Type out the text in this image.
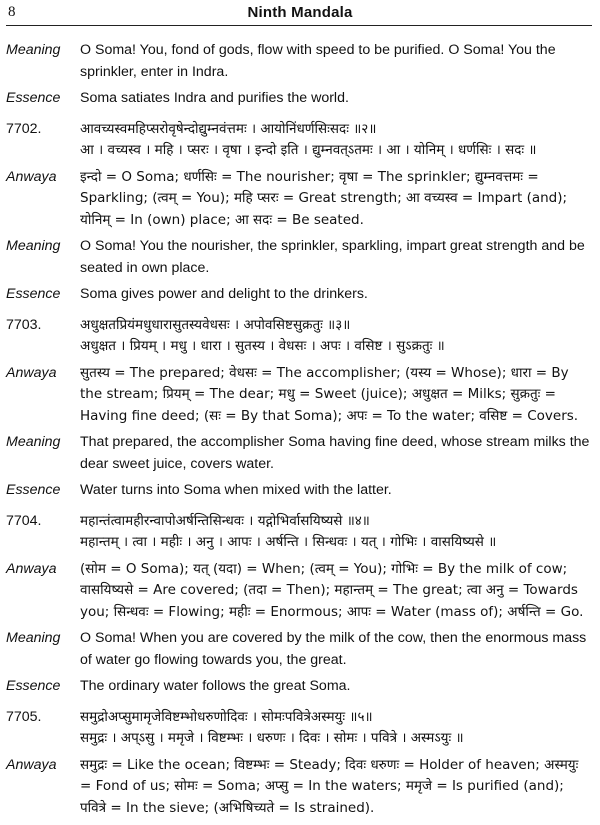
8	Ninth Mandala
Meaning	O Soma! You, fond of gods, flow with speed to be purified. O Soma! You the sprinkler, enter in Indra.
Essence	Soma satiates Indra and purifies the world.
7702.	आवच्यस्वमहिप्सरोवृषेन्दोद्युम्नवंत्तमः । आयोनिंधर्णसिःसदः ॥२॥
आ । वच्यस्व । महि । प्सरः । वृषा । इन्दो इति । द्युम्नवत्ऽतमः । आ । योनिम् । धर्णसिः । सदः ॥
Anwaya	इन्दो = O Soma; धर्णसिः = The nourisher; वृषा = The sprinkler; द्युम्नवत्तमः = Sparkling; (त्वम् = You); महि प्सरः = Great strength; आ वच्यस्व = Impart (and); योनिम् = In (own) place; आ सदः = Be seated.
Meaning	O Soma! You the nourisher, the sprinkler, sparkling, impart great strength and be seated in own place.
Essence	Soma gives power and delight to the drinkers.
7703.	अधुक्षतप्रियंमधुधारासुतस्यवेधसः । अपोवसिष्टसुक्रतुः ॥३॥
अधुक्षत । प्रियम् । मधु । धारा । सुतस्य । वेधसः । अपः । वसिष्ट । सुऽक्रतुः ॥
Anwaya	सुतस्य = The prepared; वेधसः = The accomplisher; (यस्य = Whose); धारा = By the stream; प्रियम् = The dear; मधु = Sweet (juice); अधुक्षत = Milks; सुक्रतुः = Having fine deed; (सः = By that Soma); अपः = To the water; वसिष्ट = Covers.
Meaning	That prepared, the accomplisher Soma having fine deed, whose stream milks the dear sweet juice, covers water.
Essence	Water turns into Soma when mixed with the latter.
7704.	महान्तंत्वामहीरन्वापोअर्षन्तिसिन्धवः । यद्गोभिर्वासयिष्यसे ॥४॥
महान्तम् । त्वा । महीः । अनु । आपः । अर्षन्ति । सिन्धवः । यत् । गोभिः । वासयिष्यसे ॥
Anwaya	(सोम = O Soma); यत् (यदा) = When; (त्वम् = You); गोभिः = By the milk of cow; वासयिष्यसे = Are covered; (तदा = Then); महान्तम् = The great; त्वा अनु = Towards you; सिन्धवः = Flowing; महीः = Enormous; आपः = Water (mass of); अर्षन्ति = Go.
Meaning	O Soma! When you are covered by the milk of the cow, then the enormous mass of water go flowing towards you, the great.
Essence	The ordinary water follows the great Soma.
7705.	समुद्रोअप्सुमामृजेविष्टम्भोधरुणोदिवः । सोमःपवित्रेअस्मयुः ॥५॥
समुद्रः । अप्ऽसु । ममृजे । विष्टम्भः । धरुणः । दिवः । सोमः । पवित्रे । अस्मऽयुः ॥
Anwaya	समुद्रः = Like the ocean; विष्टम्भः = Steady; दिवः धरुणः = Holder of heaven; अस्मयुः = Fond of us; सोमः = Soma; अप्सु = In the waters; ममृजे = Is purified (and); पवित्रे = In the sieve; (अभिषिच्यते = Is strained).
